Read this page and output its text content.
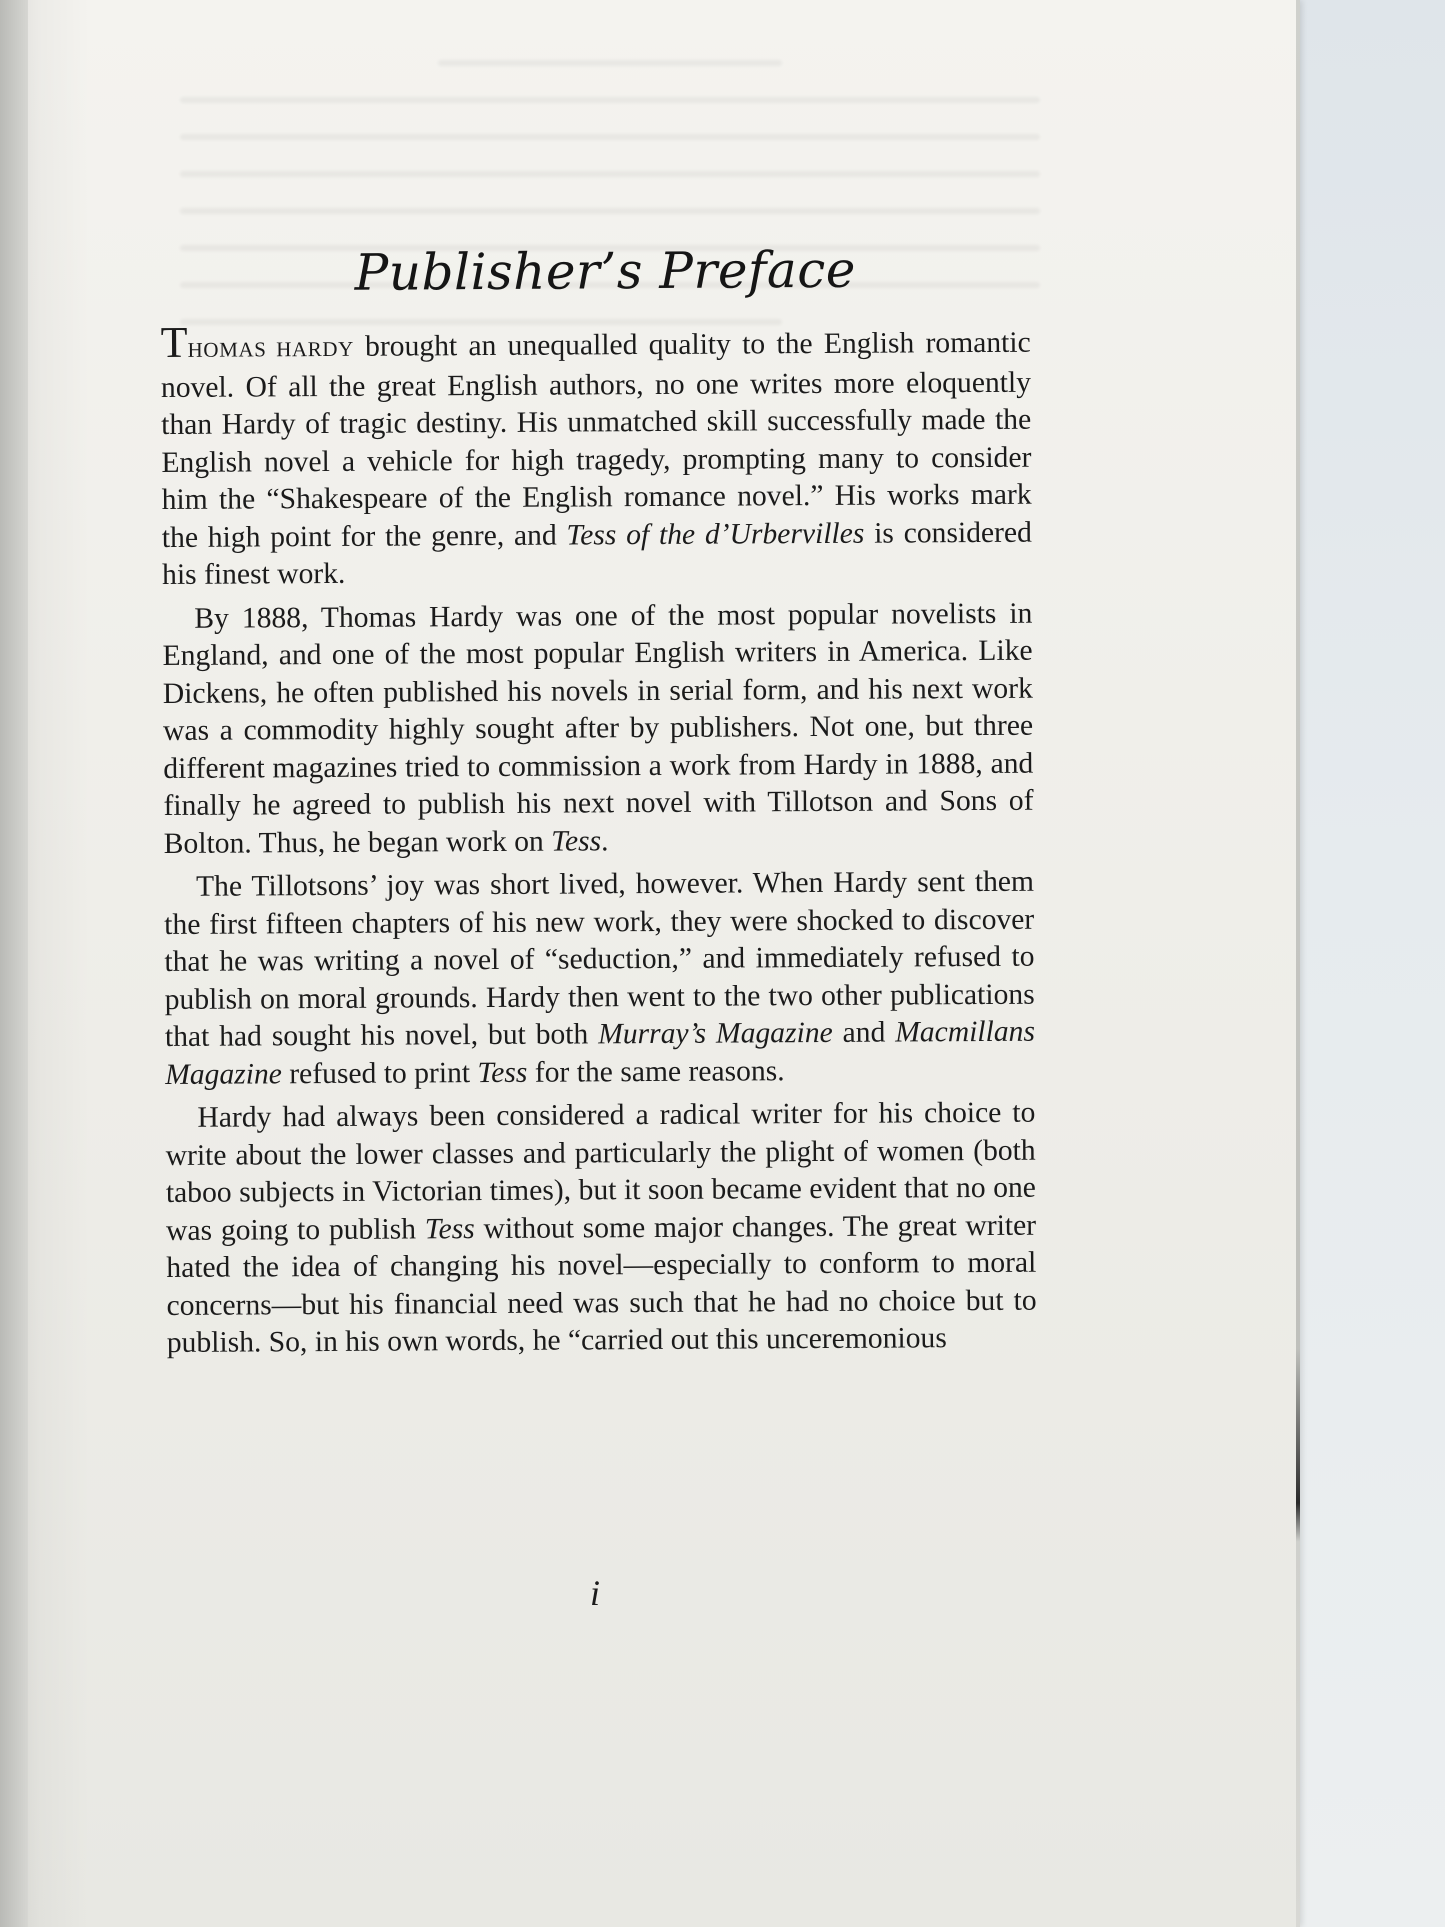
Publisher’s Preface

THOMAS HARDY brought an unequalled quality to the English romantic novel. Of all the great English authors, no one writes more eloquently than Hardy of tragic destiny. His unmatched skill successfully made the English novel a vehicle for high tragedy, prompting many to consider him the “Shakespeare of the English romance novel.” His works mark the high point for the genre, and Tess of the d’Urbervilles is considered his finest work.

By 1888, Thomas Hardy was one of the most popular novelists in England, and one of the most popular English writers in America. Like Dickens, he often published his novels in serial form, and his next work was a commodity highly sought after by publishers. Not one, but three different magazines tried to commission a work from Hardy in 1888, and finally he agreed to publish his next novel with Tillotson and Sons of Bolton. Thus, he began work on Tess.

The Tillotsons’ joy was short lived, however. When Hardy sent them the first fifteen chapters of his new work, they were shocked to discover that he was writing a novel of “seduction,” and immediately refused to publish on moral grounds. Hardy then went to the two other publications that had sought his novel, but both Murray’s Magazine and Macmillans Magazine refused to print Tess for the same reasons.

Hardy had always been considered a radical writer for his choice to write about the lower classes and particularly the plight of women (both taboo subjects in Victorian times), but it soon became evident that no one was going to publish Tess without some major changes. The great writer hated the idea of changing his novel—especially to conform to moral concerns—but his financial need was such that he had no choice but to publish. So, in his own words, he “carried out this unceremonious

i
